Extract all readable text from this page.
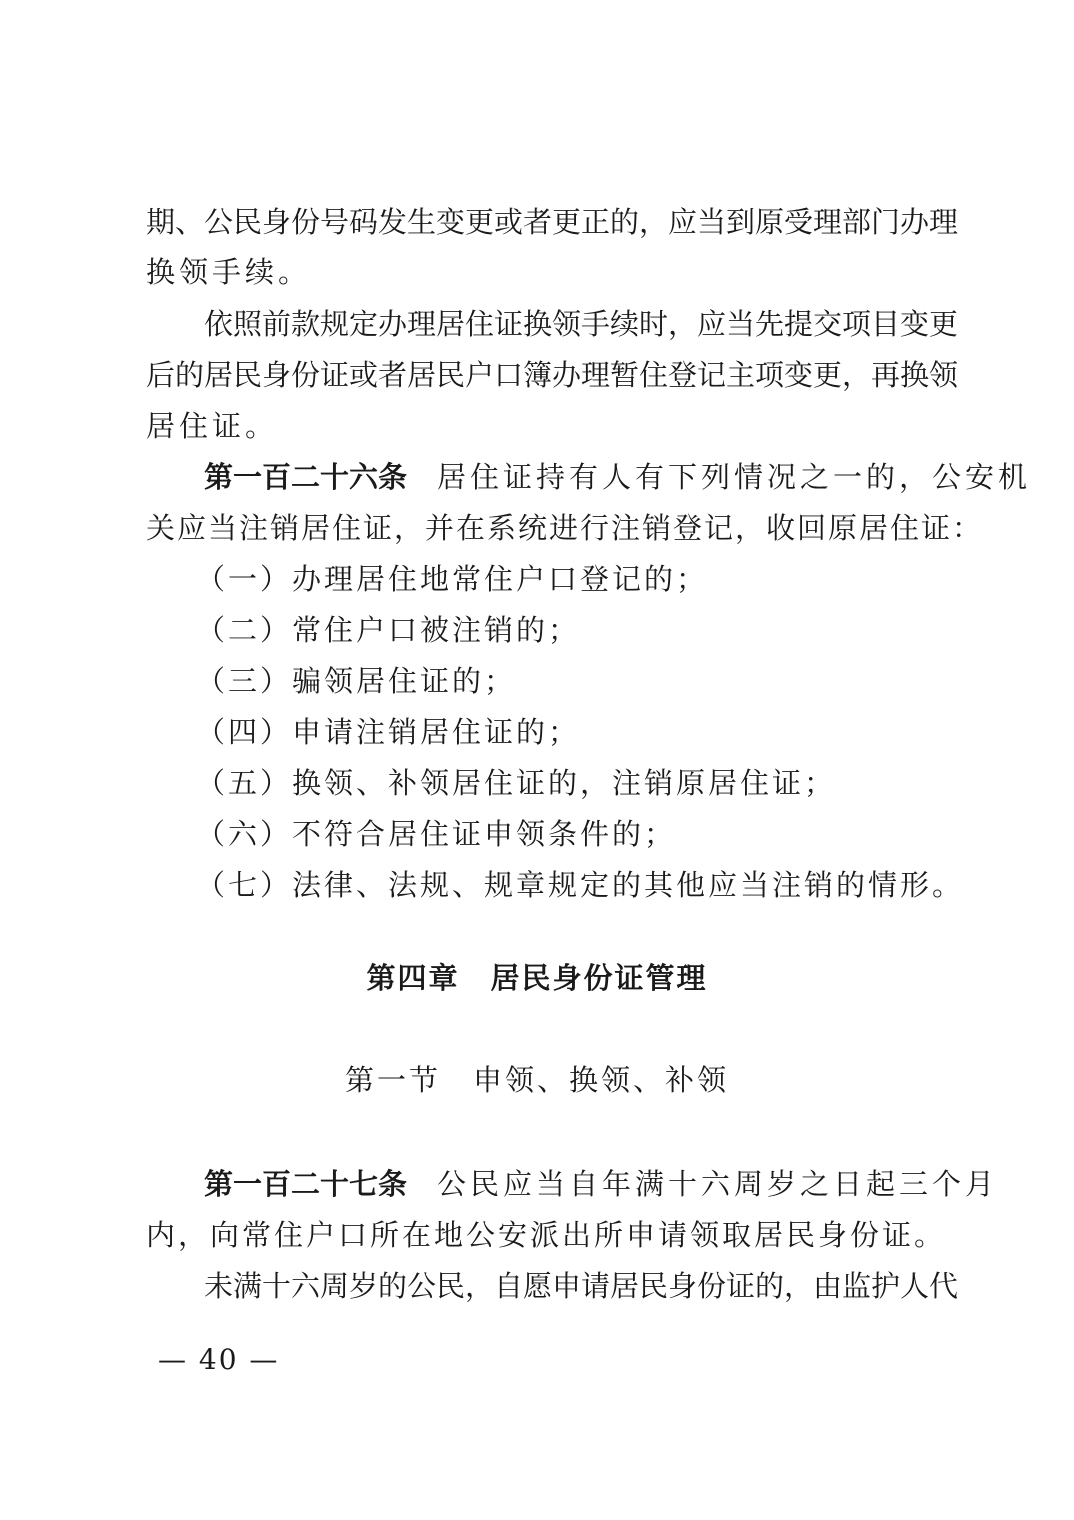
期、公民身份号码发生变更或者更正的，应当到原受理部门办理
换领手续。
依照前款规定办理居住证换领手续时，应当先提交项目变更
后的居民身份证或者居民户口簿办理暂住登记主项变更，再换领
居住证。
第一百二十六条 居住证持有人有下列情况之一的，公安机
关应当注销居住证，并在系统进行注销登记，收回原居住证：
（一）办理居住地常住户口登记的；
（二）常住户口被注销的；
（三）骗领居住证的；
（四）申请注销居住证的；
（五）换领、补领居住证的，注销原居住证；
（六）不符合居住证申领条件的；
（七）法律、法规、规章规定的其他应当注销的情形。
第四章　居民身份证管理
第一节　申领、换领、补领
第一百二十七条 公民应当自年满十六周岁之日起三个月
内，向常住户口所在地公安派出所申请领取居民身份证。
未满十六周岁的公民，自愿申请居民身份证的，由监护人代
— 40 —
